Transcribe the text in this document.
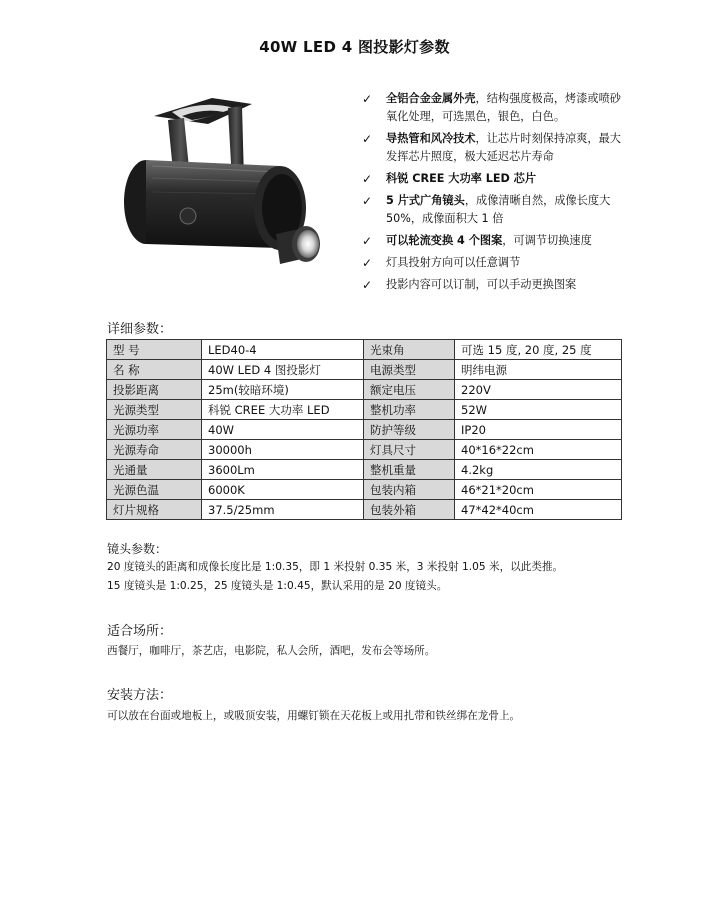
40W LED 4 图投影灯参数
✓ 全铝合金金属外壳，结构强度极高，烤漆或喷砂氧化处理，可选黑色，银色，白色。
✓ 导热管和风冷技术，让芯片时刻保持凉爽，最大发挥芯片照度，极大延迟芯片寿命
✓ 科锐 CREE 大功率 LED 芯片
✓ 5 片式广角镜头，成像清晰自然，成像长度大 50%，成像面积大 1 倍
✓ 可以轮流变换 4 个图案，可调节切换速度
✓ 灯具投射方向可以任意调节
✓ 投影内容可以订制，可以手动更换图案
详细参数：
型 号	LED40-4	光束角	可选 15 度, 20 度, 25 度
名 称	40W LED 4 图投影灯	电源类型	明纬电源
投影距离	25m(较暗环境)	额定电压	220V
光源类型	科锐 CREE 大功率 LED	整机功率	52W
光源功率	40W	防护等级	IP20
光源寿命	30000h	灯具尺寸	40*16*22cm
光通量	3600Lm	整机重量	4.2kg
光源色温	6000K	包装内箱	46*21*20cm
灯片规格	37.5/25mm	包装外箱	47*42*40cm
镜头参数：
20 度镜头的距离和成像长度比是 1:0.35，即 1 米投射 0.35 米，3 米投射 1.05 米，以此类推。
15 度镜头是 1:0.25，25 度镜头是 1:0.45，默认采用的是 20 度镜头。
适合场所：
西餐厅，咖啡厅，茶艺店，电影院，私人会所，酒吧，发布会等场所。
安装方法：
可以放在台面或地板上，或吸顶安装，用螺钉锁在天花板上或用扎带和铁丝绑在龙骨上。
